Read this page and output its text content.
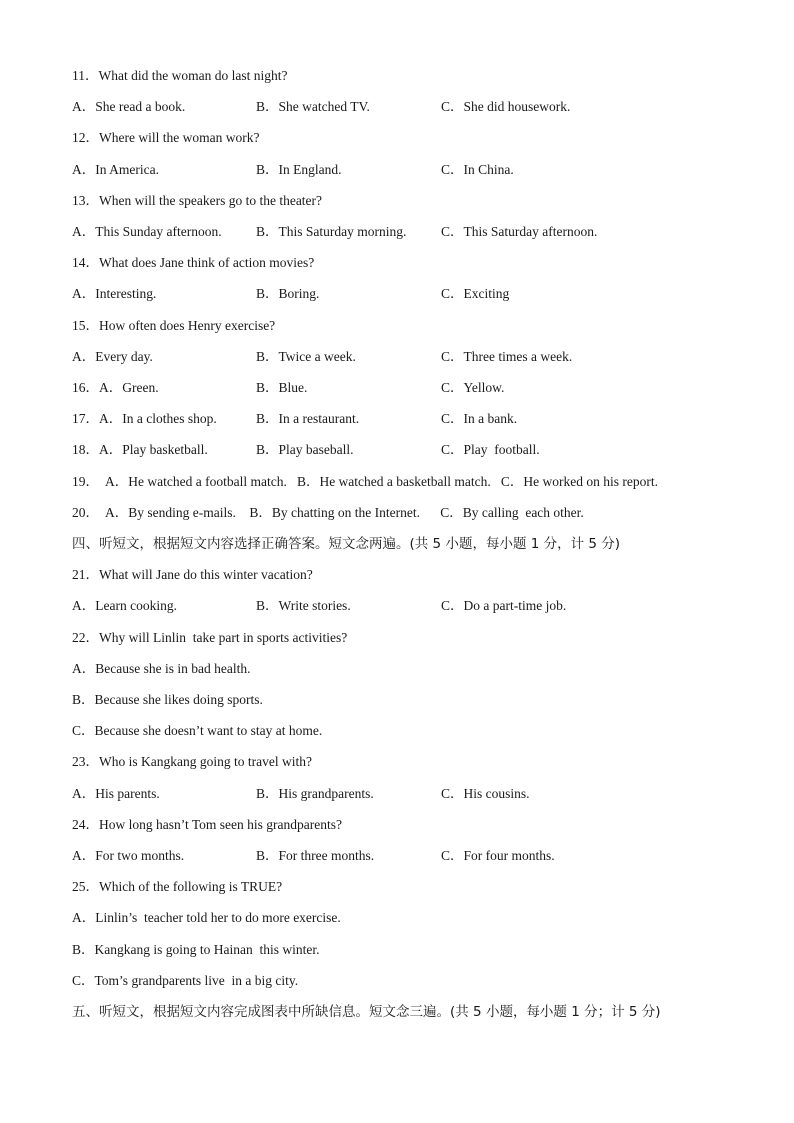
11．What did the woman do last night?
A．She read a book.	B．She watched TV.	C．She did housework.
12．Where will the woman work?
A．In America.	B．In England.	C．In China.
13．When will the speakers go to the theater?
A．This Sunday afternoon.	B．This Saturday morning.	C．This Saturday afternoon.
14．What does Jane think of action movies?
A．Interesting.	B．Boring.	C．Exciting
15．How often does Henry exercise?
A．Every day.	B．Twice a week.	C．Three times a week.
16．A．Green.	B．Blue.	C．Yellow.
17．A．In a clothes shop.	B．In a restaurant.	C．In a bank.
18．A．Play basketball.	B．Play baseball.	C．Play  football.
19．  A．He watched a football match.   B．He watched a basketball match.   C．He worked on his report.
20．  A．By sending e-mails.    B．By chatting on the Internet.      C．By calling  each other.
四、听短文，根据短文内容选择正确答案。短文念两遍。(共 5 小题，每小题 1 分，计 5 分)
21．What will Jane do this winter vacation?
A．Learn cooking.	B．Write stories.	C．Do a part-time job.
22．Why will Linlin  take part in sports activities?
A．Because she is in bad health.
B．Because she likes doing sports.
C．Because she doesn’t want to stay at home.
23．Who is Kangkang going to travel with?
A．His parents.	B．His grandparents.	C．His cousins.
24．How long hasn’t Tom seen his grandparents?
A．For two months.	B．For three months.	C．For four months.
25．Which of the following is TRUE?
A．Linlin’s  teacher told her to do more exercise.
B．Kangkang is going to Hainan  this winter.
C．Tom’s grandparents live  in a big city.
五、听短文，根据短文内容完成图表中所缺信息。短文念三遍。(共 5 小题，每小题 1 分；计 5 分)
